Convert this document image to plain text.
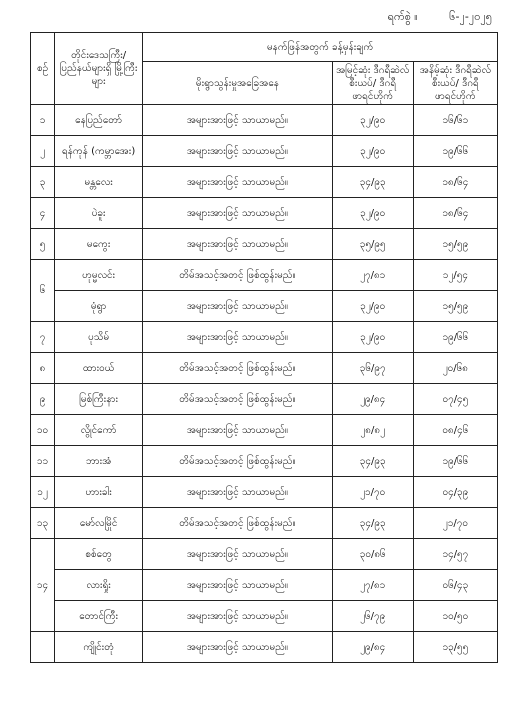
ရက်စွဲ ။	၆-၂-၂၀၂၅
စဉ်	တိုင်းဒေသကြီး/ ပြည်နယ်များရှိ မြို့ကြီးများ	မနက်ဖြန်အတွက် ခန့်မှန်းချက်		
		မိုးရွာသွန်းမှုအခြေအနေ	အမြင့်ဆုံး ဒီဂရီဆဲလ်စီးယပ်/ ဒီဂရီဖာရင်ဟိုက်	အနိမ့်ဆုံး ဒီဂရီဆဲလ်စီးယပ်/ ဒီဂရီဖာရင်ဟိုက်
၁	နေပြည်တော်	အများအားဖြင့် သာယာမည်။	၃၂/၉၀	၁၆/၆၁
၂	ရန်ကုန် (ကမ္ဘာအေး)	အများအားဖြင့် သာယာမည်။	၃၂/၉၀	၁၉/၆၆
၃	မန္တလေး	အများအားဖြင့် သာယာမည်။	၃၄/၉၃	၁၈/၆၄
၄	ပဲခူး	အများအားဖြင့် သာယာမည်။	၃၂/၉၀	၁၈/၆၄
၅	မကွေး	အများအားဖြင့် သာယာမည်။	၃၅/၉၅	၁၅/၅၉
၆	ဟုမ္မလင်း	တိမ်အသင့်အတင့် ဖြစ်ထွန်းမည်။	၂၇/၈၁	၁၂/၅၄
	မုံရွာ	အများအားဖြင့် သာယာမည်။	၃၂/၉၀	၁၅/၅၉
၇	ပုသိမ်	အများအားဖြင့် သာယာမည်။	၃၂/၉၀	၁၉/၆၆
၈	ထားဝယ်	တိမ်အသင့်အတင့် ဖြစ်ထွန်းမည်။	၃၆/၉၇	၂၀/၆၈
၉	မြစ်ကြီးနား	တိမ်အသင့်အတင့် ဖြစ်ထွန်းမည်။	၂၉/၈၄	၀၇/၄၅
၁၀	လွိုင်ကော်	အများအားဖြင့် သာယာမည်။	၂၈/၈၂	၀၈/၄၆
၁၁	ဘားအံ	တိမ်အသင့်အတင့် ဖြစ်ထွန်းမည်။	၃၄/၉၃	၁၉/၆၆
၁၂	ဟားခါး	အများအားဖြင့် သာယာမည်။	၂၁/၇၀	၀၄/၃၉
၁၃	မော်လမြိုင်	တိမ်အသင့်အတင့် ဖြစ်ထွန်းမည်။	၃၄/၉၃	၂၁/၇၀
၁၄	စစ်တွေ	အများအားဖြင့် သာယာမည်။	၃၀/၈၆	၁၄/၅၇
	လားရှိုး	အများအားဖြင့် သာယာမည်။	၂၇/၈၁	၀၆/၄၃
	တောင်ကြီး	အများအားဖြင့် သာယာမည်။	၂၆/၇၉	၁၀/၅၀
	ကျိုင်းတုံ	အများအားဖြင့် သာယာမည်။	၂၉/၈၄	၁၃/၅၅
